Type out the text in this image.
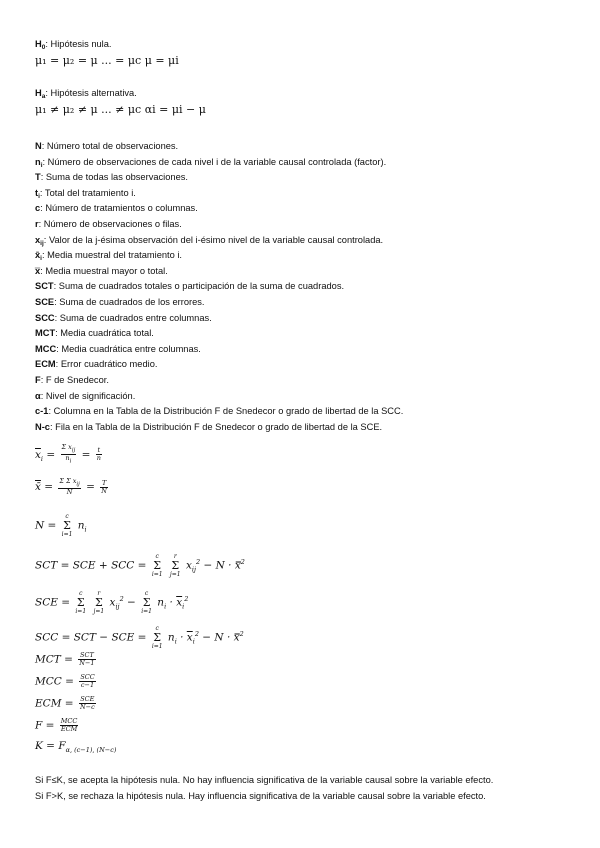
$H_0$: Hipótesis nula.
μ₁ = μ₂ = μ ... = μc μ = μi
$H_a$: Hipótesis alternativa.
μ₁ ≠ μ₂ ≠ μ ... ≠ μc αi = μi − μ
N: Número total de observaciones.
$n_i$: Número de observaciones de cada nivel i de la variable causal controlada (factor).
T: Suma de todas las observaciones.
$t_i$: Total del tratamiento i.
c: Número de tratamientos o columnas.
r: Número de observaciones o filas.
$x_{ij}$: Valor de la j-ésima observación del i-ésimo nivel de la variable causal controlada.
$x̄_i$: Media muestral del tratamiento i.
x̿: Media muestral mayor o total.
SCT: Suma de cuadrados totales o participación de la suma de cuadrados.
SCE: Suma de cuadrados de los errores.
SCC: Suma de cuadrados entre columnas.
MCT: Media cuadrática total.
MCC: Media cuadrática entre columnas.
ECM: Error cuadrático medio.
F: F de Snedecor.
α: Nivel de significación.
c-1: Columna en la Tabla de la Distribución F de Snedecor o grado de libertad de la SCC.
N-c: Fila en la Tabla de la Distribución F de Snedecor o grado de libertad de la SCE.
$\overline{x}_i = \frac{\Sigma x_{ij}}{n_i} = \frac{t}{n}$
x̄ = $\frac{\Sigma \Sigma x_{ij}}{N} = \frac{T}{N}$
N =
c
Σ
i=1
$n_i$
SCT = SCE + SCC =
c
Σ
i=1

r
Σ
j=1
$x_{ij}^2 - N$ · x̿$^2$
SCE =
c
Σ
i=1

r
Σ
j=1
$x_{ij}^2$ −
c
Σ
i=1
$n_i \cdot \overline{x}_i^2$
SCC = SCT − SCE =
c
Σ
i=1
$n_i \cdot \overline{x}_i^2 - N$ · x̿$^2$
MCT = $\frac{\text{SCT}}{N-1}$
MCC = $\frac{\text{SCC}}{c-1}$
ECM = $\frac{\text{SCE}}{N-c}$
$F = \frac{\text{MCC}}{\text{ECM}}$
$K = F_{\alpha, (c-1), (N-c)}$
Si F≤K, se acepta la hipótesis nula. No hay influencia significativa de la variable causal sobre la variable efecto.
Si F>K, se rechaza la hipótesis nula. Hay influencia significativa de la variable causal sobre la variable efecto.
